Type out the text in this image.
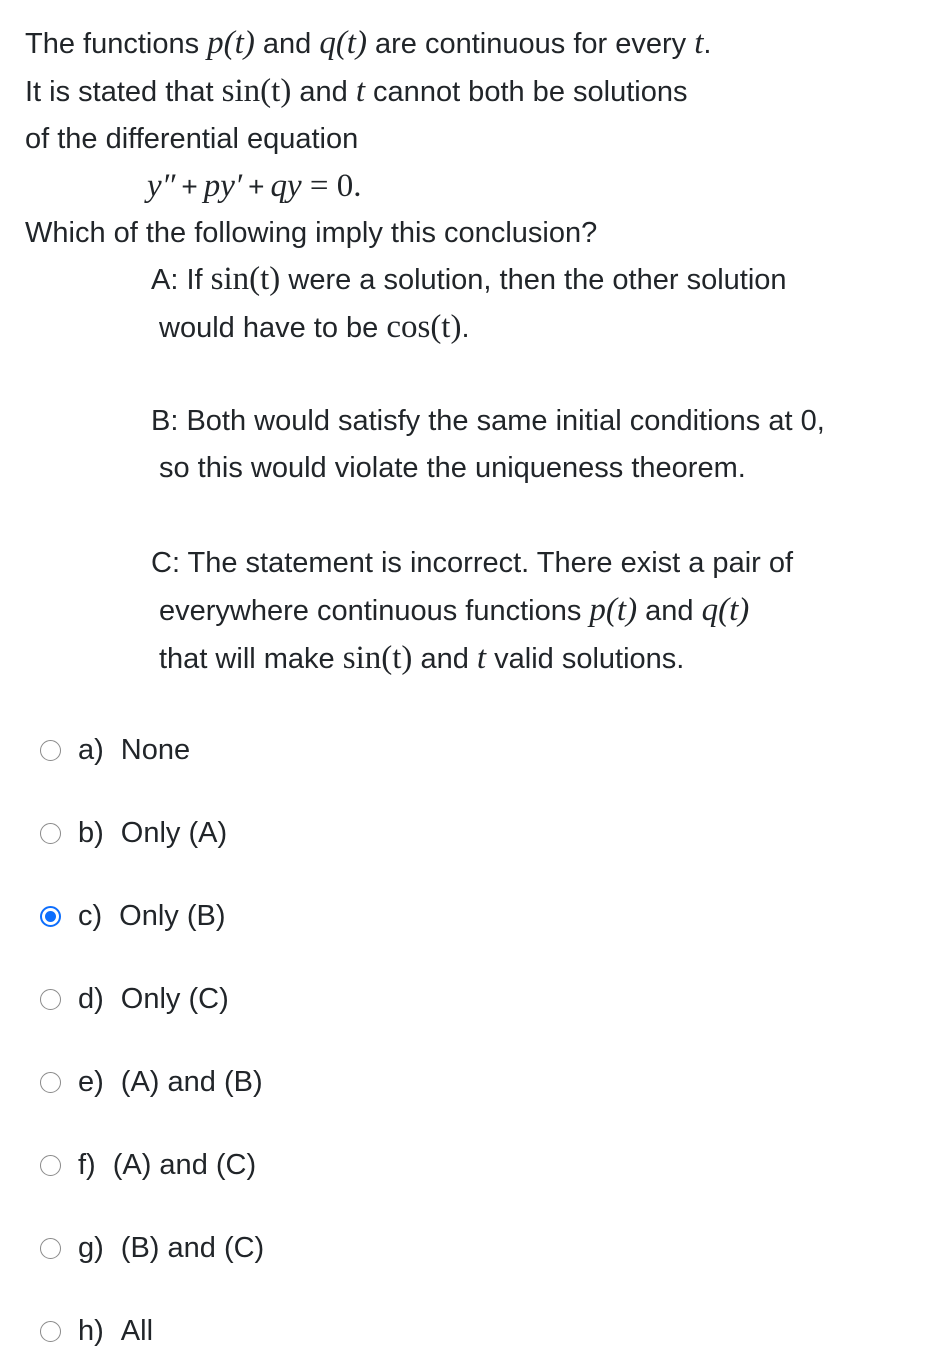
The functions p(t) and q(t) are continuous for every t.

It is stated that sin(t) and t cannot both be solutions

of the differential equation

y″ + py′ + qy = 0.

Which of the following imply this conclusion?

A: If sin(t) were a solution, then the other solution
would have to be cos(t).
B: Both would satisfy the same initial conditions at 0,
so this would violate the uniqueness theorem.
C: The statement is incorrect. There exist a pair of
everywhere continuous functions p(t) and q(t)
that will make sin(t) and t valid solutions.
a) None
b) Only (A)
c) Only (B)
d) Only (C)
e) (A) and (B)
f) (A) and (C)
g) (B) and (C)
h) All
